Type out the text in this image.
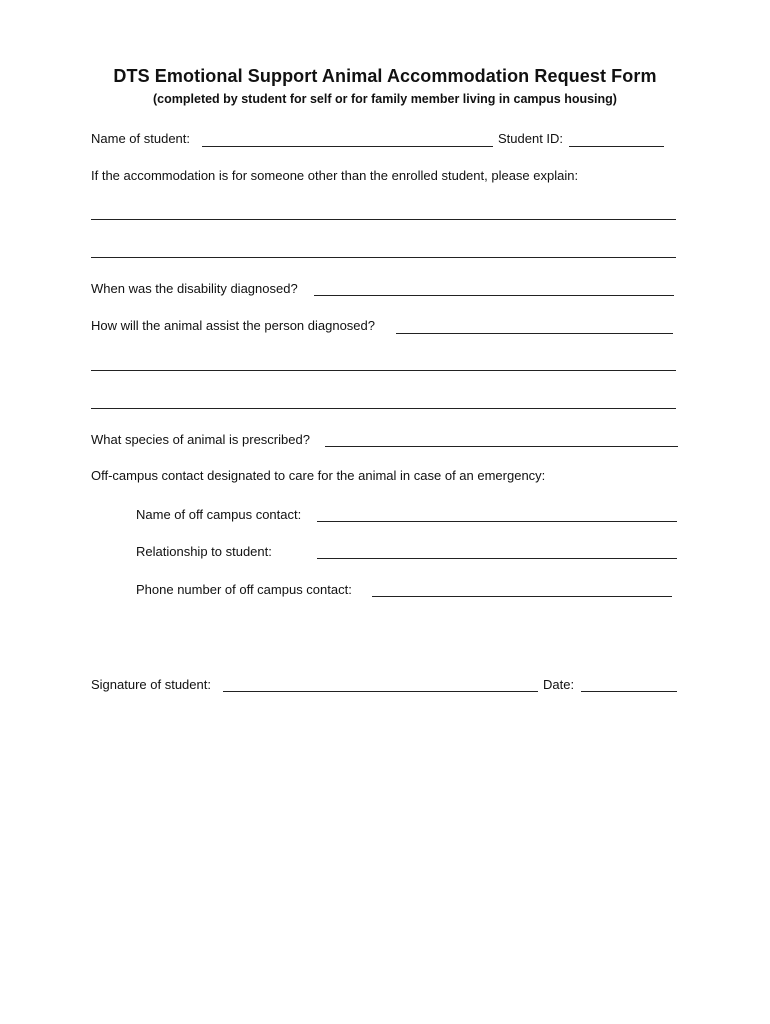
DTS Emotional Support Animal Accommodation Request Form

(completed by student for self or for family member living in campus housing)

Name of student:	Student ID:
If the accommodation is for someone other than the enrolled student, please explain:
When was the disability diagnosed?
How will the animal assist the person diagnosed?
What species of animal is prescribed?
Off-campus contact designated to care for the animal in case of an emergency:
Name of off campus contact:
Relationship to student:
Phone number of off campus contact:
Signature of student:	Date:
